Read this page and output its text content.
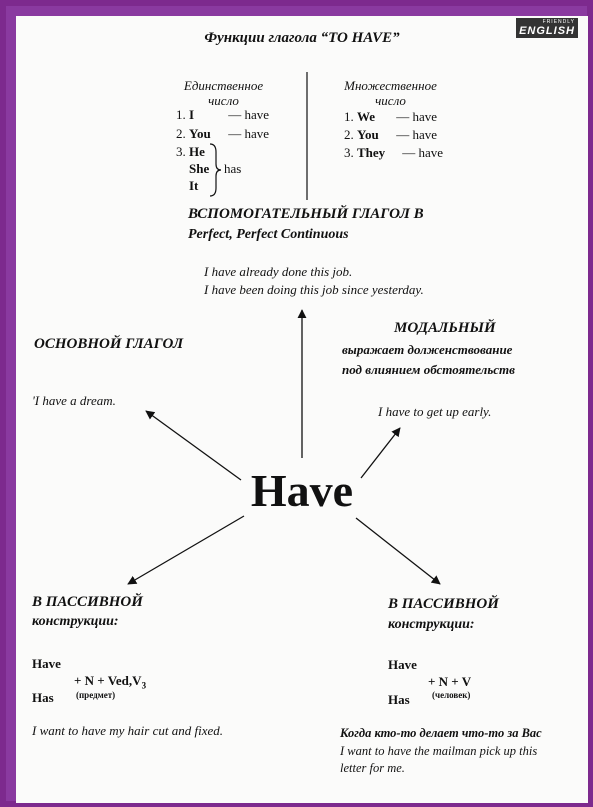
FRIENDLY
ENGLISH
Функции глагола “TO HAVE”
Единственное
число
Множественное
число
1. I	— have
2. You — have
3. He
She
It
has
1. We — have
2. You — have
3. They — have
ВСПОМОГАТЕЛЬНЫЙ ГЛАГОЛ В
Perfect, Perfect Continuous
I have already done this job.
I have been doing this job since yesterday.
ОСНОВНОЙ ГЛАГОЛ
'I have a dream.
МОДАЛЬНЫЙ
выражает долженствование
под влиянием обстоятельств
I have to get up early.
Have
В ПАССИВНОЙ
конструкции:
Have
Has
+ $N + Ved,V_3$
(предмет)
I want to have my hair cut and fixed.
В ПАССИВНОЙ
конструкции:
Have
Has
+ N + V
(человек)
Когда кто-то делает что-то за Вас
I want to have the mailman pick up this
letter for me.
